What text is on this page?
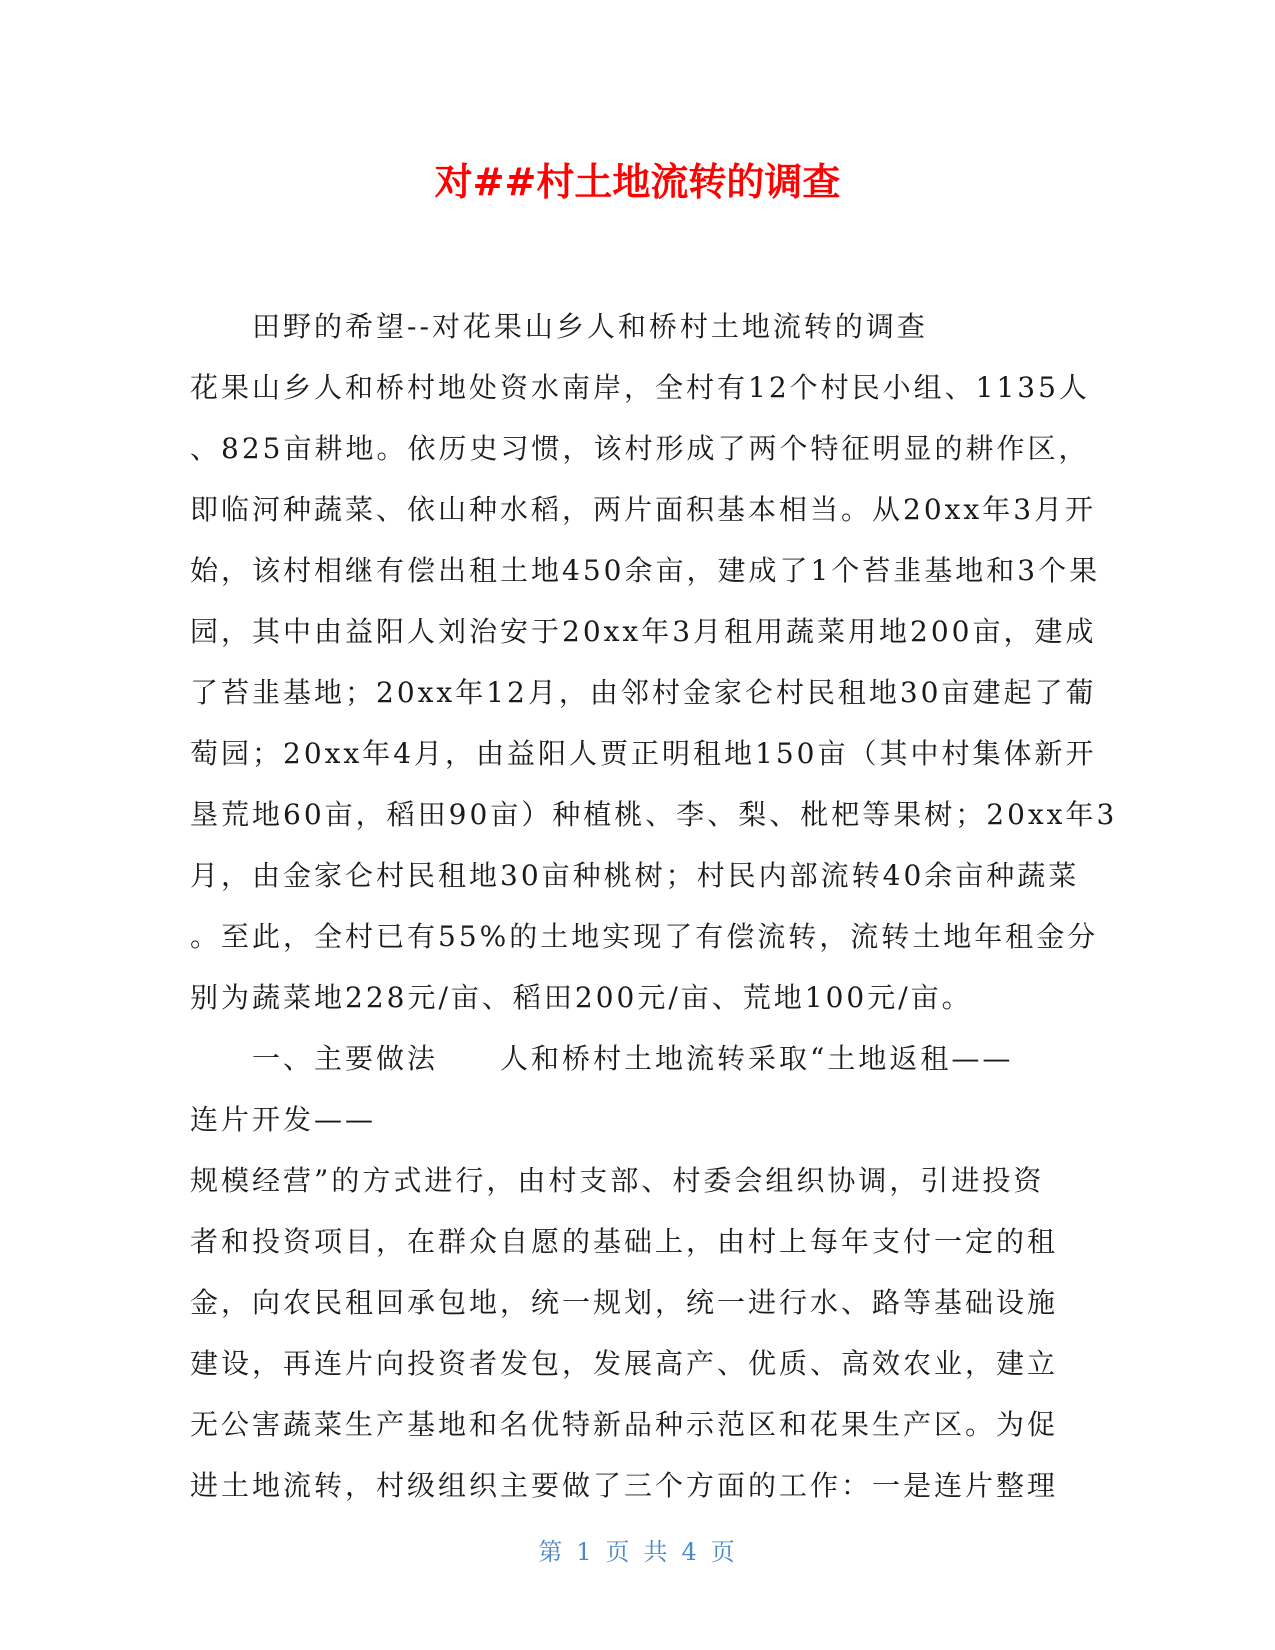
对##村土地流转的调查

田野的希望--对花果山乡人和桥村土地流转的调查

花果山乡人和桥村地处资水南岸，全村有12个村民小组、1135人

、825亩耕地。依历史习惯，该村形成了两个特征明显的耕作区，

即临河种蔬菜、依山种水稻，两片面积基本相当。从20xx年3月开

始，该村相继有偿出租土地450余亩，建成了1个苔韭基地和3个果

园，其中由益阳人刘治安于20xx年3月租用蔬菜用地200亩，建成

了苔韭基地；20xx年12月，由邻村金家仑村民租地30亩建起了葡

萄园；20xx年4月，由益阳人贾正明租地150亩（其中村集体新开

垦荒地60亩，稻田90亩）种植桃、李、梨、枇杷等果树；20xx年3

月，由金家仑村民租地30亩种桃树；村民内部流转40余亩种蔬菜

。至此，全村已有55%的土地实现了有偿流转，流转土地年租金分

别为蔬菜地228元/亩、稻田200元/亩、荒地100元/亩。

一、主要做法　　人和桥村土地流转采取“土地返租——

连片开发——

规模经营”的方式进行，由村支部、村委会组织协调，引进投资

者和投资项目，在群众自愿的基础上，由村上每年支付一定的租

金，向农民租回承包地，统一规划，统一进行水、路等基础设施

建设，再连片向投资者发包，发展高产、优质、高效农业，建立

无公害蔬菜生产基地和名优特新品种示范区和花果生产区。为促

进土地流转，村级组织主要做了三个方面的工作：一是连片整理

第 1 页 共 4 页
